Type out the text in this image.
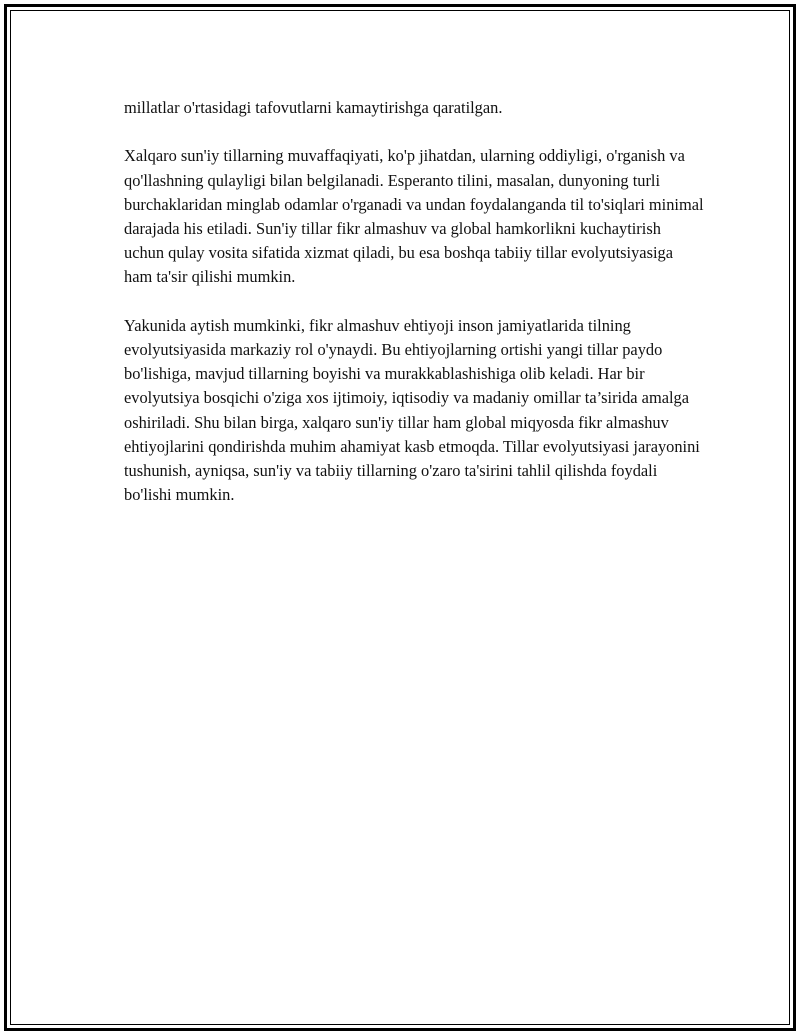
millatlar o'rtasidagi tafovutlarni kamaytirishga qaratilgan.

Xalqaro sun'iy tillarning muvaffaqiyati, ko'p jihatdan, ularning oddiyligi, o'rganish va qo'llashning qulayligi bilan belgilanadi. Esperanto tilini, masalan, dunyoning turli burchaklaridan minglab odamlar o'rganadi va undan foydalanganda til to'siqlari minimal darajada his etiladi. Sun'iy tillar fikr almashuv va global hamkorlikni kuchaytirish uchun qulay vosita sifatida xizmat qiladi, bu esa boshqa tabiiy tillar evolyutsiyasiga ham ta'sir qilishi mumkin.

Yakunida aytish mumkinki, fikr almashuv ehtiyoji inson jamiyatlarida tilning evolyutsiyasida markaziy rol o'ynaydi. Bu ehtiyojlarning ortishi yangi tillar paydo bo'lishiga, mavjud tillarning boyishi va murakkablashishiga olib keladi. Har bir evolyutsiya bosqichi o'ziga xos ijtimoiy, iqtisodiy va madaniy omillar ta’sirida amalga oshiriladi. Shu bilan birga, xalqaro sun'iy tillar ham global miqyosda fikr almashuv ehtiyojlarini qondirishda muhim ahamiyat kasb etmoqda. Tillar evolyutsiyasi jarayonini tushunish, ayniqsa, sun'iy va tabiiy tillarning o'zaro ta'sirini tahlil qilishda foydali bo'lishi mumkin.
